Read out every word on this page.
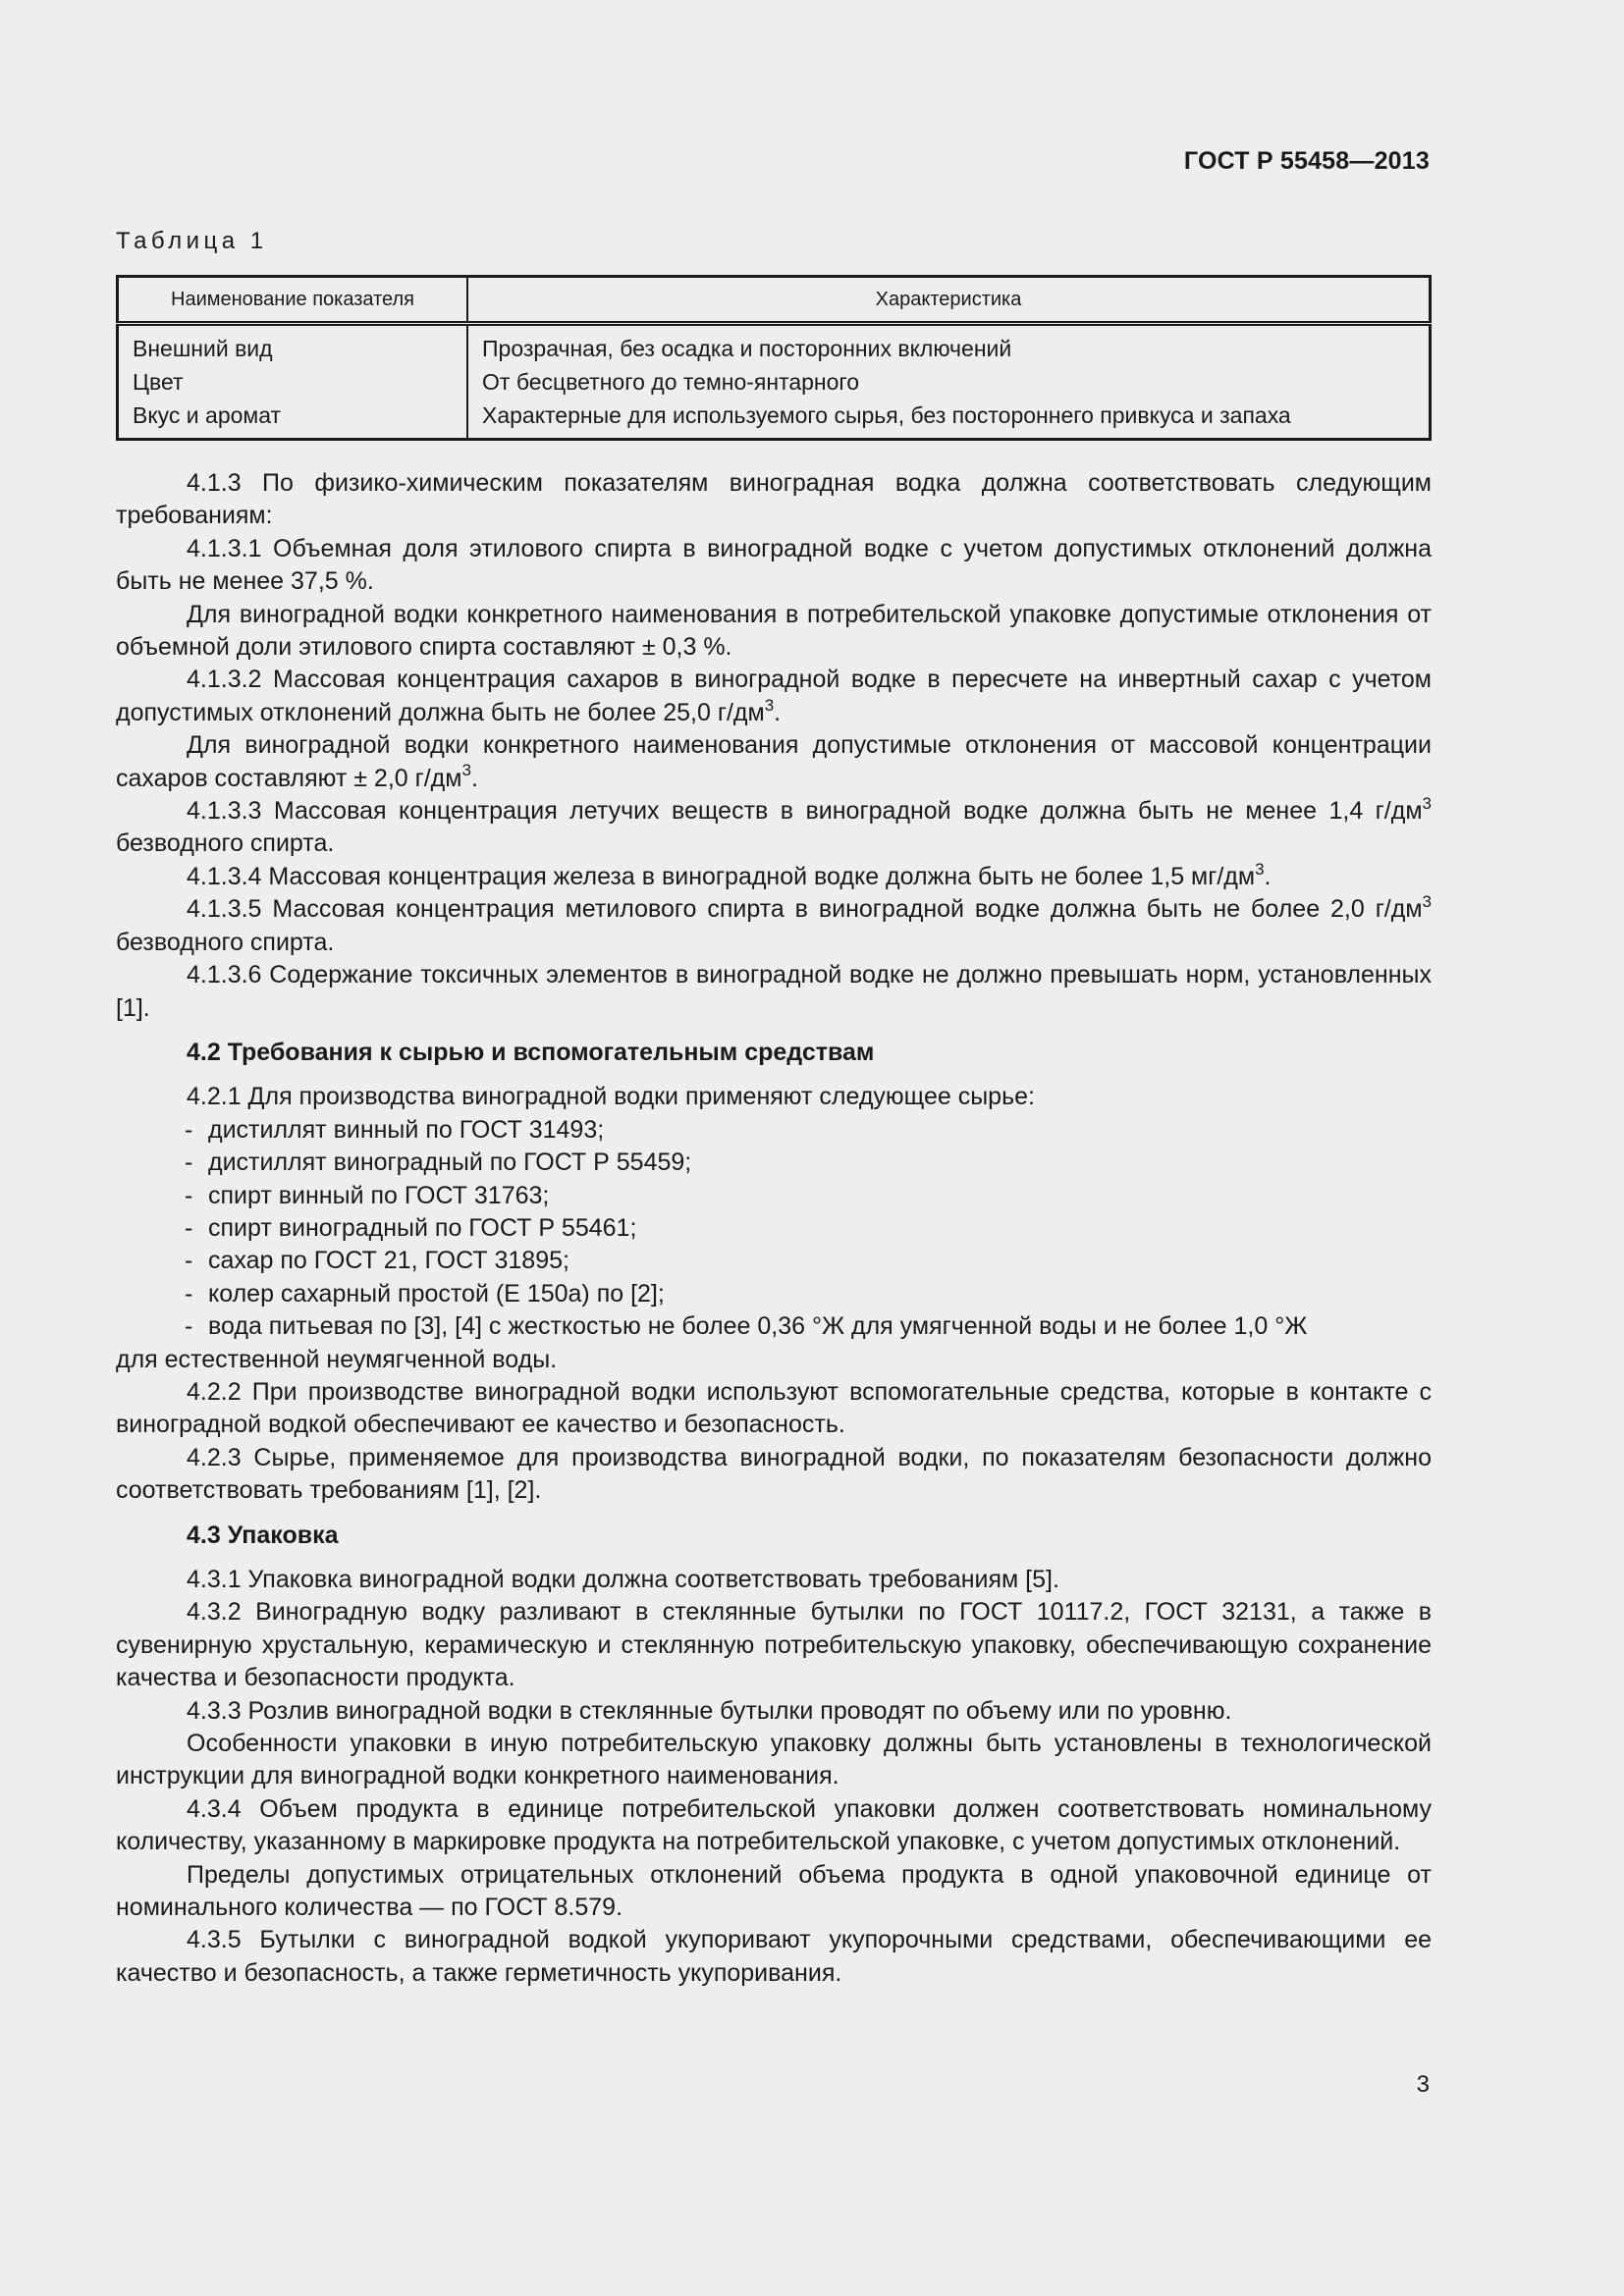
ГОСТ Р 55458—2013
Таблица 1
Наименование показателя	Характеристика
Внешний вид	Прозрачная, без осадка и посторонних включений
Цвет	От бесцветного до темно-янтарного
Вкус и аромат	Характерные для используемого сырья, без постороннего привкуса и запаха

4.1.3 По физико-химическим показателям виноградная водка должна соответствовать следующим требованиям:

4.1.3.1 Объемная доля этилового спирта в виноградной водке с учетом допустимых отклонений должна быть не менее 37,5 %.

Для виноградной водки конкретного наименования в потребительской упаковке допустимые отклонения от объемной доли этилового спирта составляют ± 0,3 %.

4.1.3.2 Массовая концентрация сахаров в виноградной водке в пересчете на инвертный сахар с учетом допустимых отклонений должна быть не более 25,0 $г/дм^3$.

Для виноградной водки конкретного наименования допустимые отклонения от массовой концентрации сахаров составляют ± 2,0 $г/дм^3$.

4.1.3.3 Массовая концентрация летучих веществ в виноградной водке должна быть не менее 1,4 $г/дм^3$ безводного спирта.

4.1.3.4 Массовая концентрация железа в виноградной водке должна быть не более 1,5 $мг/дм^3$.

4.1.3.5 Массовая концентрация метилового спирта в виноградной водке должна быть не более 2,0 $г/дм^3$ безводного спирта.

4.1.3.6 Содержание токсичных элементов в виноградной водке не должно превышать норм, установленных [1].

4.2 Требования к сырью и вспомогательным средствам

4.2.1 Для производства виноградной водки применяют следующее сырье:

- дистиллят винный по ГОСТ 31493;

- дистиллят виноградный по ГОСТ Р 55459;

- спирт винный по ГОСТ 31763;

- спирт виноградный по ГОСТ Р 55461;

- сахар по ГОСТ 21, ГОСТ 31895;

- колер сахарный простой (Е 150а) по [2];

- вода питьевая по [3], [4] с жесткостью не более 0,36 °Ж для умягченной воды и не более 1,0 °Ж

для естественной неумягченной воды.

4.2.2 При производстве виноградной водки используют вспомогательные средства, которые в контакте с виноградной водкой обеспечивают ее качество и безопасность.

4.2.3 Сырье, применяемое для производства виноградной водки, по показателям безопасности должно соответствовать требованиям [1], [2].

4.3 Упаковка

4.3.1 Упаковка виноградной водки должна соответствовать требованиям [5].

4.3.2 Виноградную водку разливают в стеклянные бутылки по ГОСТ 10117.2, ГОСТ 32131, а также в сувенирную хрустальную, керамическую и стеклянную потребительскую упаковку, обеспечивающую сохранение качества и безопасности продукта.

4.3.3 Розлив виноградной водки в стеклянные бутылки проводят по объему или по уровню.

Особенности упаковки в иную потребительскую упаковку должны быть установлены в технологической инструкции для виноградной водки конкретного наименования.

4.3.4 Объем продукта в единице потребительской упаковки должен соответствовать номинальному количеству, указанному в маркировке продукта на потребительской упаковке, с учетом допустимых отклонений.

Пределы допустимых отрицательных отклонений объема продукта в одной упаковочной единице от номинального количества — по ГОСТ 8.579.

4.3.5 Бутылки с виноградной водкой укупоривают укупорочными средствами, обеспечивающими ее качество и безопасность, а также герметичность укупоривания.

3
